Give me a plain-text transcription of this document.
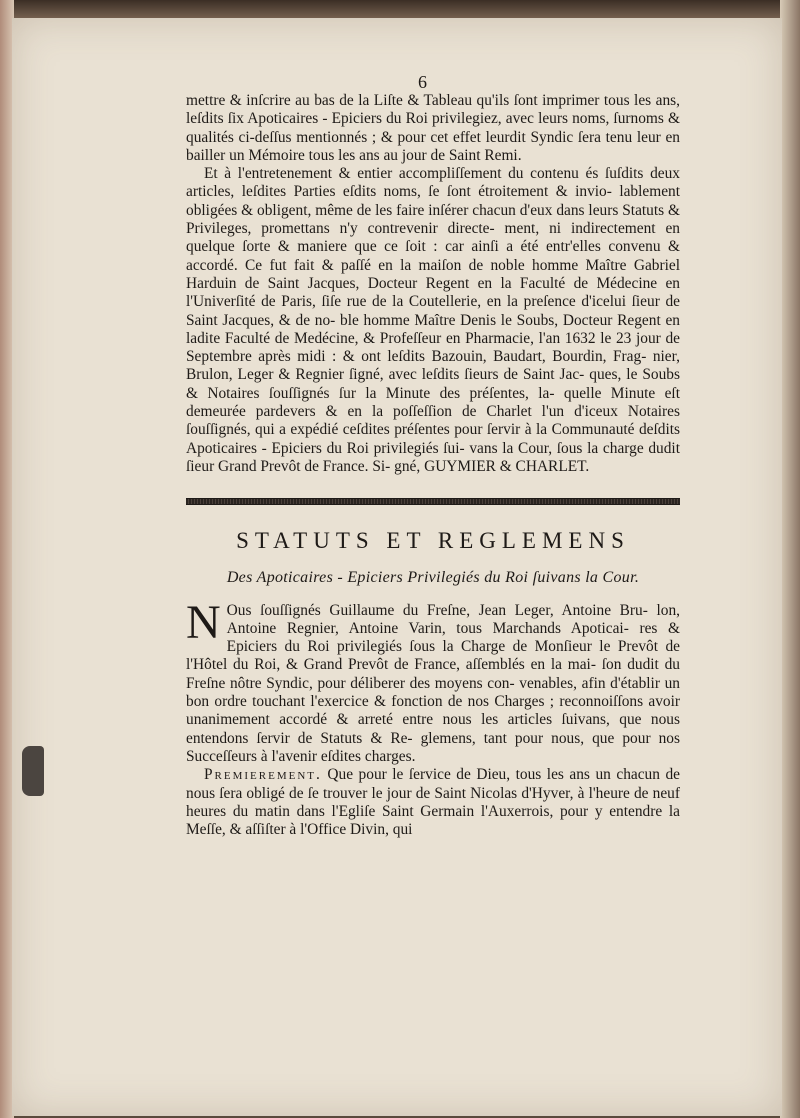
6

mettre & inſcrire au bas de la Liſte & Tableau qu'ils ſont imprimer tous les ans, leſdits ſix Apoticaires - Epiciers du Roi privilegiez, avec leurs noms, ſurnoms & qualités ci-deſſus mentionnés ; & pour cet effet leurdit Syndic ſera tenu leur en bailler un Mémoire tous les ans au jour de Saint Remi.

Et à l'entretenement & entier accompliſſement du contenu és ſuſdits deux articles, leſdites Parties eſdits noms, ſe ſont étroitement & invio- lablement obligées & obligent, même de les faire inſérer chacun d'eux dans leurs Statuts & Privileges, promettans n'y contrevenir directe- ment, ni indirectement en quelque ſorte & maniere que ce ſoit : car ainſi a été entr'elles convenu & accordé. Ce fut fait & paſſé en la maiſon de noble homme Maître Gabriel Harduin de Saint Jacques, Docteur Regent en la Faculté de Médecine en l'Univerſité de Paris, ſiſe rue de la Coutellerie, en la preſence d'icelui ſieur de Saint Jacques, & de no- ble homme Maître Denis le Soubs, Docteur Regent en ladite Faculté de Medécine, & Profeſſeur en Pharmacie, l'an 1632 le 23 jour de Septembre après midi : & ont leſdits Bazouin, Baudart, Bourdin, Frag- nier, Brulon, Leger & Regnier ſigné, avec leſdits ſieurs de Saint Jac- ques, le Soubs & Notaires ſouſſignés ſur la Minute des préſentes, la- quelle Minute eſt demeurée pardevers & en la poſſeſſion de Charlet l'un d'iceux Notaires ſouſſignés, qui a expédié ceſdites préſentes pour ſervir à la Communauté deſdits Apoticaires - Epiciers du Roi privilegiés ſui- vans la Cour, ſous la charge dudit ſieur Grand Prevôt de France. Si- gné, GUYMIER & CHARLET.

STATUTS ET REGLEMENS
Des Apoticaires - Epiciers Privilegiés du Roi ſuivans la Cour.

N Ous ſouſſignés Guillaume du Freſne, Jean Leger, Antoine Bru- lon, Antoine Regnier, Antoine Varin, tous Marchands Apoticai- res & Epiciers du Roi privilegiés ſous la Charge de Monſieur le Prevôt de l'Hôtel du Roi, & Grand Prevôt de France, aſſemblés en la mai- ſon dudit du Freſne nôtre Syndic, pour déliberer des moyens con- venables, afin d'établir un bon ordre touchant l'exercice & fonction de nos Charges ; reconnoiſſons avoir unanimement accordé & arreté entre nous les articles ſuivans, que nous entendons ſervir de Statuts & Re- glemens, tant pour nous, que pour nos Succeſſeurs à l'avenir eſdites charges.

Premierement. Que pour le ſervice de Dieu, tous les ans un chacun de nous ſera obligé de ſe trouver le jour de Saint Nicolas d'Hyver, à l'heure de neuf heures du matin dans l'Egliſe Saint Germain l'Auxerrois, pour y entendre la Meſſe, & aſſiſter à l'Office Divin, qui
